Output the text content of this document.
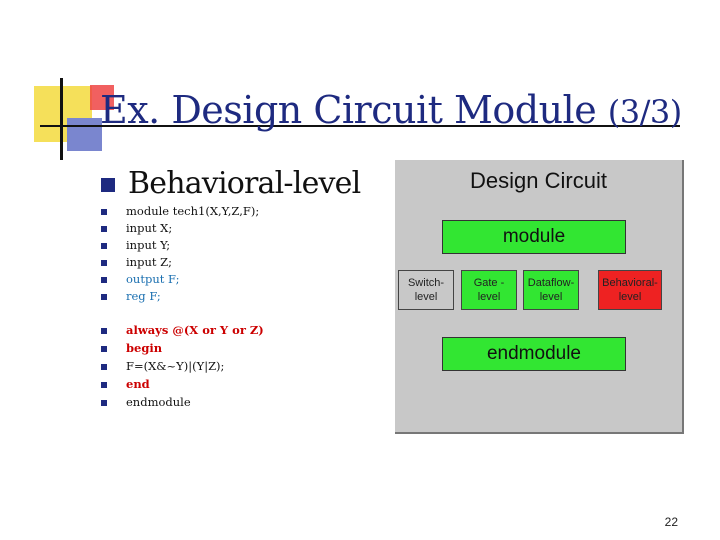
Ex. Design Circuit Module (3/3)
Behavioral-level
module tech1(X,Y,Z,F);
input X;
input Y;
input Z;
output F;
reg F;
always @(X or Y or Z)
begin
F=(X&~Y)|(Y|Z);
end
endmodule
Design Circuit
module
Switch-level
Gate - level
Dataflow-level
Behavioral-level
endmodule
22
